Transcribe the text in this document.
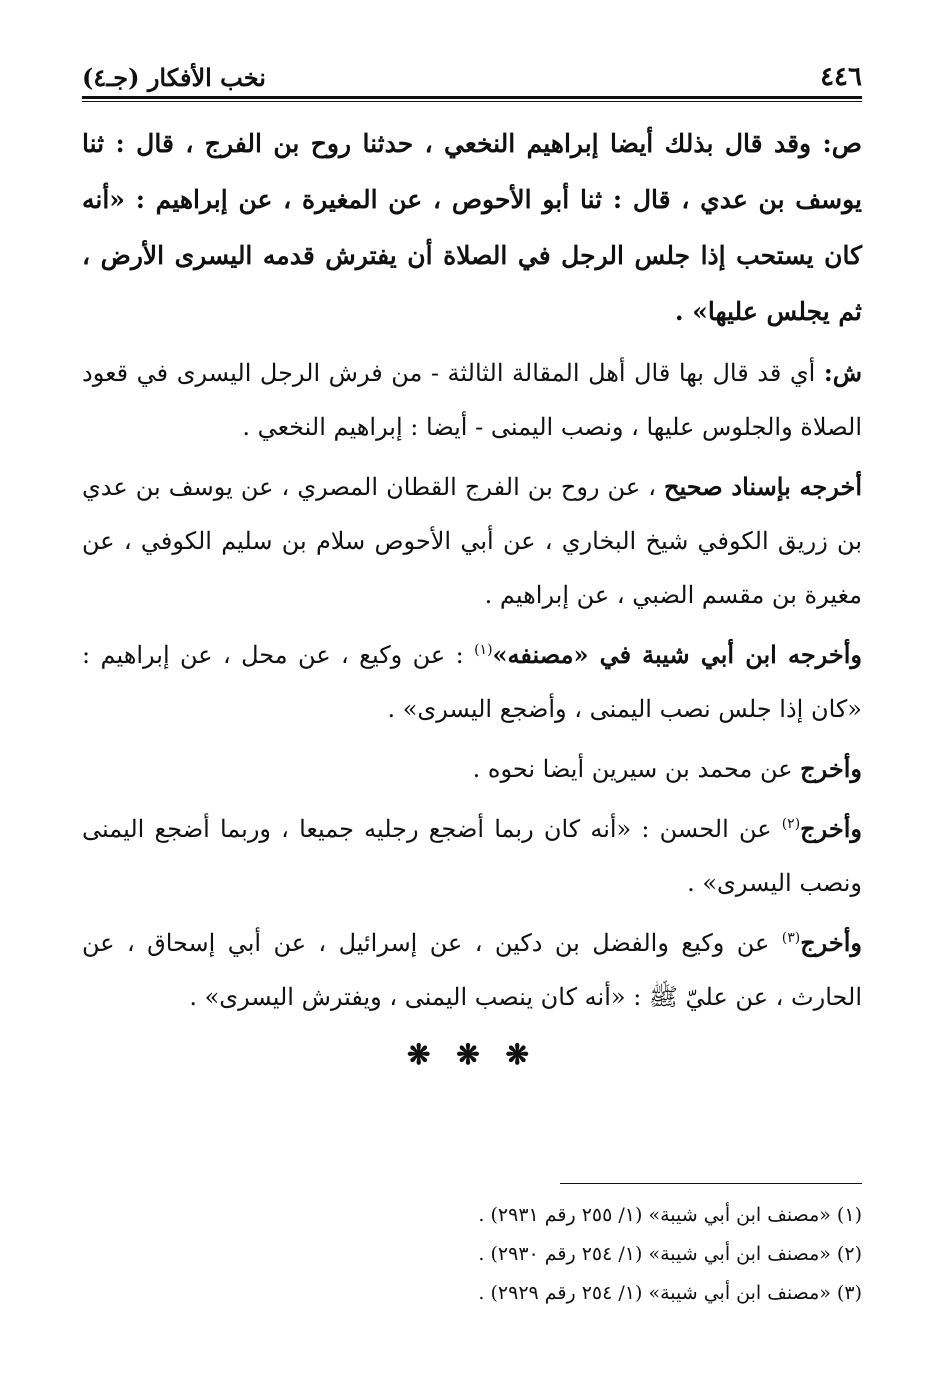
٤٤٦
نخب الأفكار (جـ٤)

ص: وقد قال بذلك أيضا إبراهيم النخعي ، حدثنا روح بن الفرج ، قال : ثنا يوسف بن عدي ، قال : ثنا أبو الأحوص ، عن المغيرة ، عن إبراهيم : «أنه كان يستحب إذا جلس الرجل في الصلاة أن يفترش قدمه اليسرى الأرض ، ثم يجلس عليها» .

ش: أي قد قال بها قال أهل المقالة الثالثة - من فرش الرجل اليسرى في قعود الصلاة والجلوس عليها ، ونصب اليمنى - أيضا : إبراهيم النخعي .

أخرجه بإسناد صحيح ، عن روح بن الفرج القطان المصري ، عن يوسف بن عدي بن زريق الكوفي شيخ البخاري ، عن أبي الأحوص سلام بن سليم الكوفي ، عن مغيرة بن مقسم الضبي ، عن إبراهيم .

وأخرجه ابن أبي شيبة في «مصنفه»$^{(١)}$ : عن وكيع ، عن محل ، عن إبراهيم : «كان إذا جلس نصب اليمنى ، وأضجع اليسرى» .

وأخرج عن محمد بن سيرين أيضا نحوه .

وأخرج$^{(٢)}$ عن الحسن : «أنه كان ربما أضجع رجليه جميعا ، وربما أضجع اليمنى ونصب اليسرى» .

وأخرج$^{(٣)}$ عن وكيع والفضل بن دكين ، عن إسرائيل ، عن أبي إسحاق ، عن الحارث ، عن عليّ ﷺ : «أنه كان ينصب اليمنى ، ويفترش اليسرى» .

❋ ❋ ❋

(١) «مصنف ابن أبي شيبة» (١/ ٢٥٥ رقم ٢٩٣١) .

(٢) «مصنف ابن أبي شيبة» (١/ ٢٥٤ رقم ٢٩٣٠) .

(٣) «مصنف ابن أبي شيبة» (١/ ٢٥٤ رقم ٢٩٢٩) .
